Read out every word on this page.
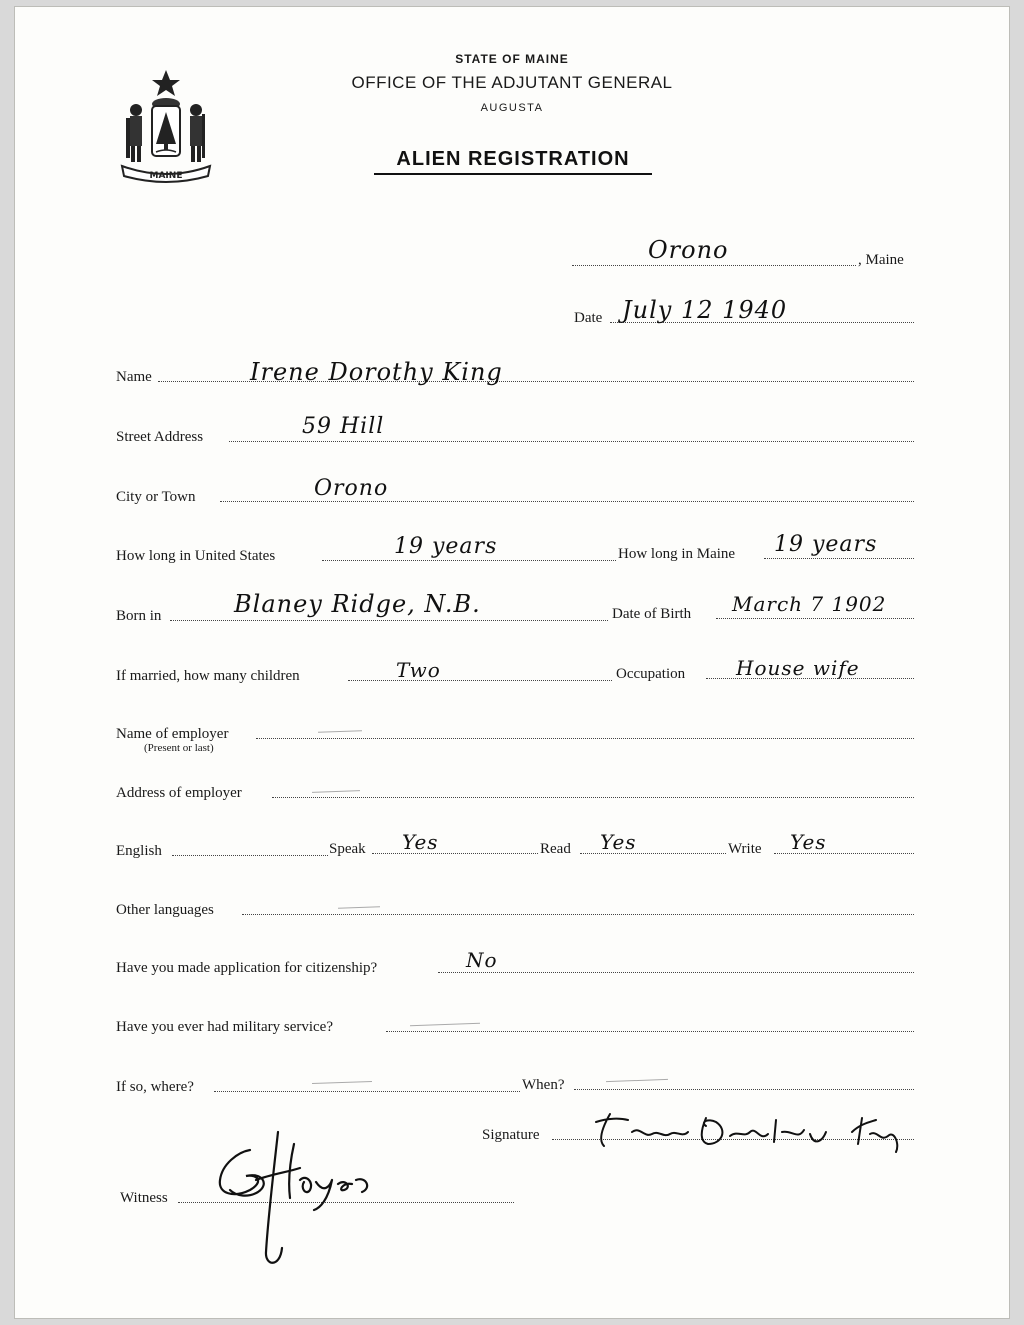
MAINE
STATE OF MAINE
OFFICE OF THE ADJUTANT GENERAL
AUGUSTA
ALIEN REGISTRATION
Orono	, Maine
Date July 12 1940
Name	Irene Dorothy King
Street Address	59 Hill
City or Town	Orono
How long in United States	19 years	How long in Maine 19 years
Born in	Blaney Ridge, N.B.	Date of Birth March 7 1902
If married, how many children	Two	Occupation	House wife
Name of employer
(Present or last)
Address of employer
English	Speak Yes	Read Yes	Write Yes
Other languages
Have you made application for citizenship?	No
Have you ever had military service?
If so, where?	When?
Signature
Witness
